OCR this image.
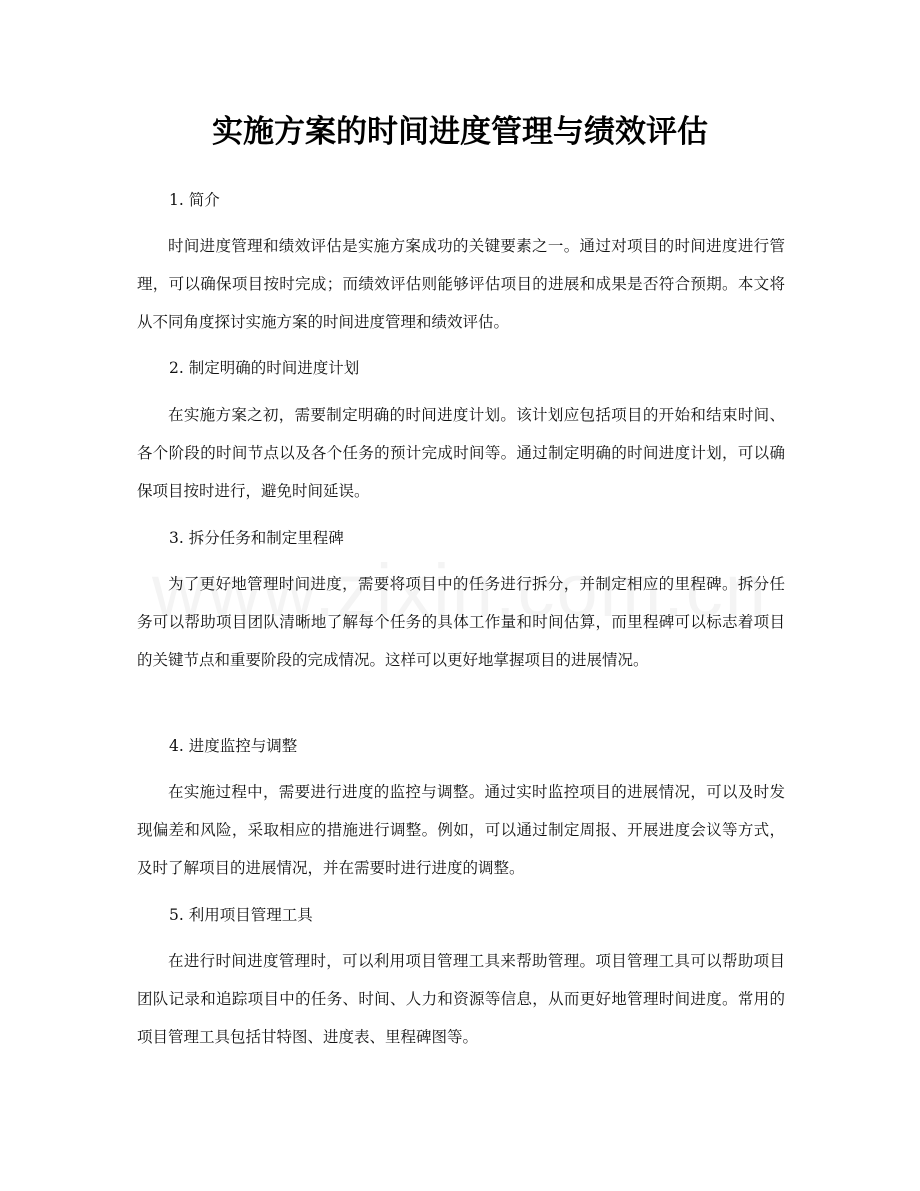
实施方案的时间进度管理与绩效评估

1. 简介

时间进度管理和绩效评估是实施方案成功的关键要素之一。通过对项目的时间进度进行管理，可以确保项目按时完成；而绩效评估则能够评估项目的进展和成果是否符合预期。本文将从不同角度探讨实施方案的时间进度管理和绩效评估。

2. 制定明确的时间进度计划

在实施方案之初，需要制定明确的时间进度计划。该计划应包括项目的开始和结束时间、各个阶段的时间节点以及各个任务的预计完成时间等。通过制定明确的时间进度计划，可以确保项目按时进行，避免时间延误。

3. 拆分任务和制定里程碑

为了更好地管理时间进度，需要将项目中的任务进行拆分，并制定相应的里程碑。拆分任务可以帮助项目团队清晰地了解每个任务的具体工作量和时间估算，而里程碑可以标志着项目的关键节点和重要阶段的完成情况。这样可以更好地掌握项目的进展情况。

4. 进度监控与调整

在实施过程中，需要进行进度的监控与调整。通过实时监控项目的进展情况，可以及时发现偏差和风险，采取相应的措施进行调整。例如，可以通过制定周报、开展进度会议等方式，及时了解项目的进展情况，并在需要时进行进度的调整。

5. 利用项目管理工具

在进行时间进度管理时，可以利用项目管理工具来帮助管理。项目管理工具可以帮助项目团队记录和追踪项目中的任务、时间、人力和资源等信息，从而更好地管理时间进度。常用的项目管理工具包括甘特图、进度表、里程碑图等。
